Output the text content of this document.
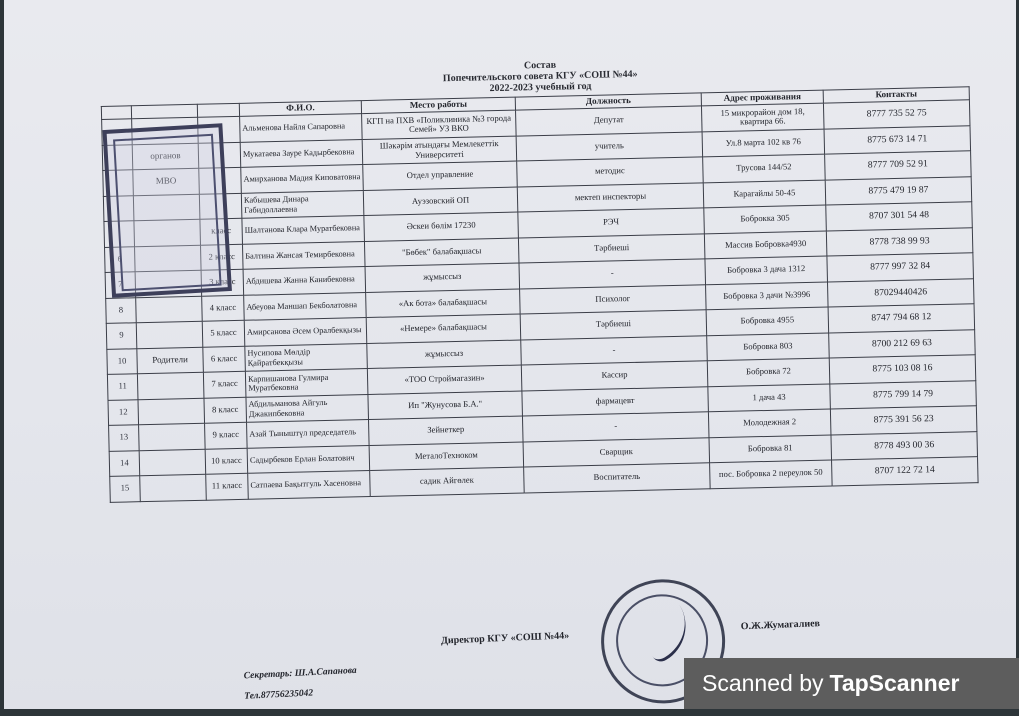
Состав
Попечительского совета КГУ «СОШ №44»
2022-2023 учебный год
			Ф.И.О.	Место работы	Должность	Адрес проживания	Контакты
			Альменова Найля Сапаровна	КГП на ПХВ «Поликлиника №3 города Семей» УЗ ВКО	Депутат	15 микрорайон дом 18, квартира 66.	8777 735 52 75
	органов		Мукатаева Зауре Кадырбековна	Шәкәрім атындағы Мемлекеттік Университеті	учитель	Ул.8 марта 102 кв 76	8775 673 14 71
	МВО		Амирханова Мадия Киповатовна	Отдел управление	методис	Трусова 144/52	8777 709 52 91
			Кабышева Динара Габидоллаевна	Ауэзовский ОП	мектеп инспекторы	Карагайлы 50-45	8775 479 19 87
		класс	Шалтанова Клара Муратбековна	Әскеи бөлім 17230	РЭЧ	Боброкка 305	8707 301 54 48
6		2 класс	Балтина Жансая Темирбековна	"Бөбек" балабақшасы	Тәрбиеші	Массив Бобровка4930	8778 738 99 93
7		3 класс	Абдишева Жанна Канибековна	жұмыссыз	-	Бобровка 3 дача 1312	8777 997 32 84
8		4 класс	Абеуова Маншап Бекболатовна	«Ак бота» балабақшасы	Психолог	Бобровка 3 дачи №3996	87029440426
9		5 класс	Амирсанова Әсем Оралбекқызы	«Немере» балабақшасы	Тәрбиеші	Бобровка 4955	8747 794 68 12
10	Родители	6 класс	Нусипова Мөлдір Қайратбекқызы	жұмыссыз	-	Бобровка 803	8700 212 69 63
11		7 класс	Карпишанова Гулмира Муратбековна	«ТОО Строймагазин»	Кассир	Бобровка 72	8775 103 08 16
12		8 класс	Абдильманова Айгуль Джакипбековна	Ип "Жунусова Б.А."	фармацевт	1 дача 43	8775 799 14 79
13		9 класс	Азай Тыныштүл председатель	Зейнеткер	-	Молодежная 2	8775 391 56 23
14		10 класс	Садырбеков Ерлан Болатович	МеталоТехноком	Сварщик	Бобровка 81	8778 493 00 36
15		11 класс	Сатпаева Бақытгуль Хасеновна	садик Айгөлек	Воспитатель	пос. Бобровка 2 переулок 50	8707 122 72 14
Директор КГУ «СОШ №44»
О.Ж.Жумагалиев
Секретарь: Ш.А.Сапанова
Тел.87756235042	Scanned byTapScanner
